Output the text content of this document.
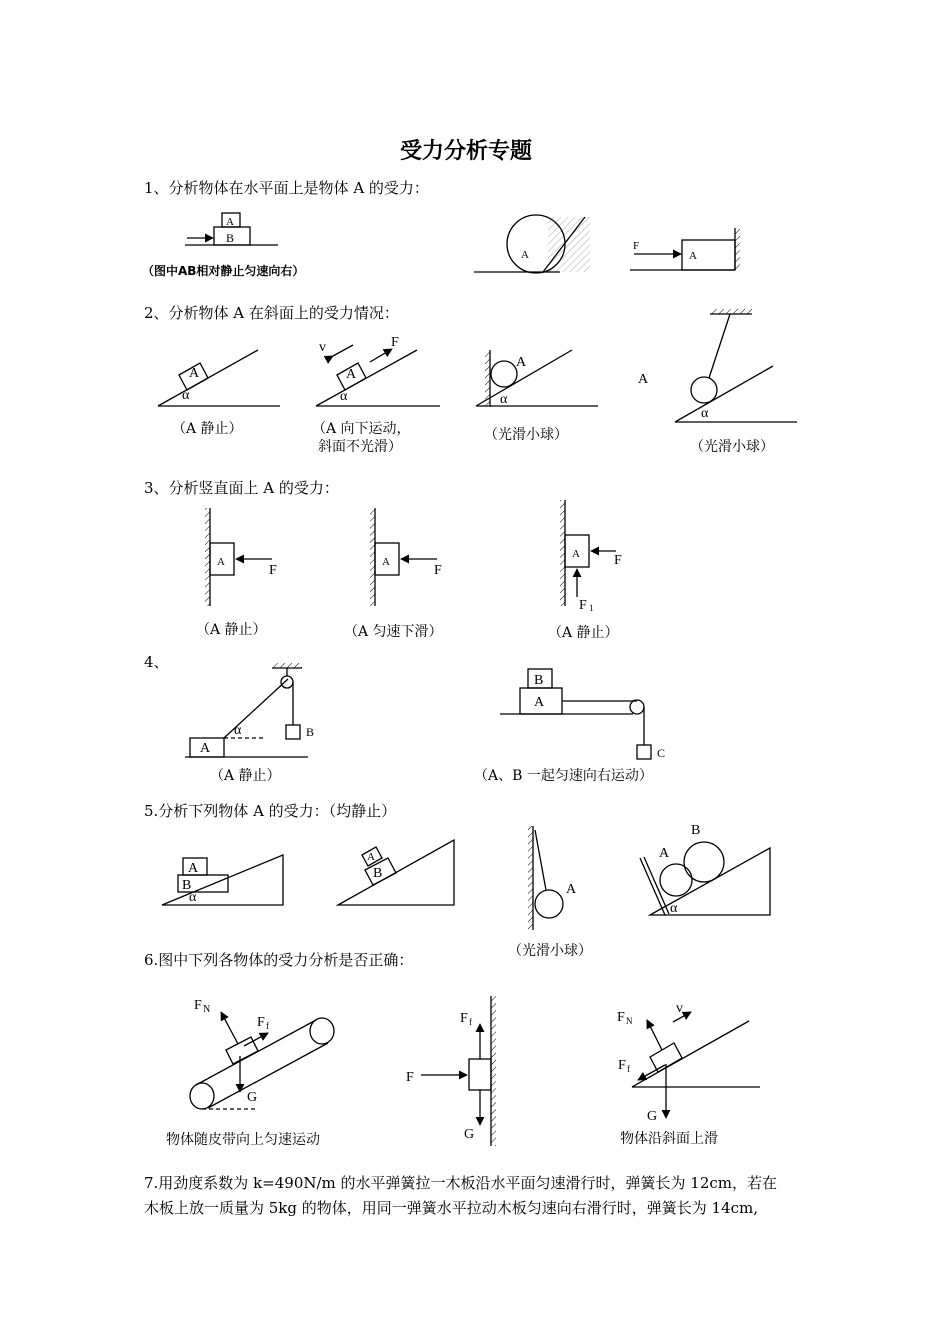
受力分析专题
1、分析物体在水平面上是物体 A 的受力：
（图中AB相对静止匀速向右）
2、分析物体 A 在斜面上的受力情况：
（A 静止）	（A 向下运动，
斜面不光滑）
（光滑小球）
（光滑小球）
3、分析竖直面上 A 的受力：
（A 静止）	（A 匀速下滑）	（A 静止）
4、
（A 静止）	（A、B 一起匀速向右运动）
5.分析下列物体 A 的受力：（均静止）
（光滑小球）
6.图中下列各物体的受力分析是否正确：
物体随皮带向上匀速运动	物体沿斜面上滑
7.用劲度系数为 k=490N/m 的水平弹簧拉一木板沿水平面匀速滑行时，弹簧长为 12cm，若在
木板上放一质量为 5kg 的物体，用同一弹簧水平拉动木板匀速向右滑行时，弹簧长为 14cm,
A
B
A
F
A
A
α
A
α
v	F
A
α
A
α
A
F
A
F
A F
F 1
A
α	B
A
B
C
A
B
α
A
B
A
A
B
α
F N
F f
G
F f
F
G
F N
F f
G
v
